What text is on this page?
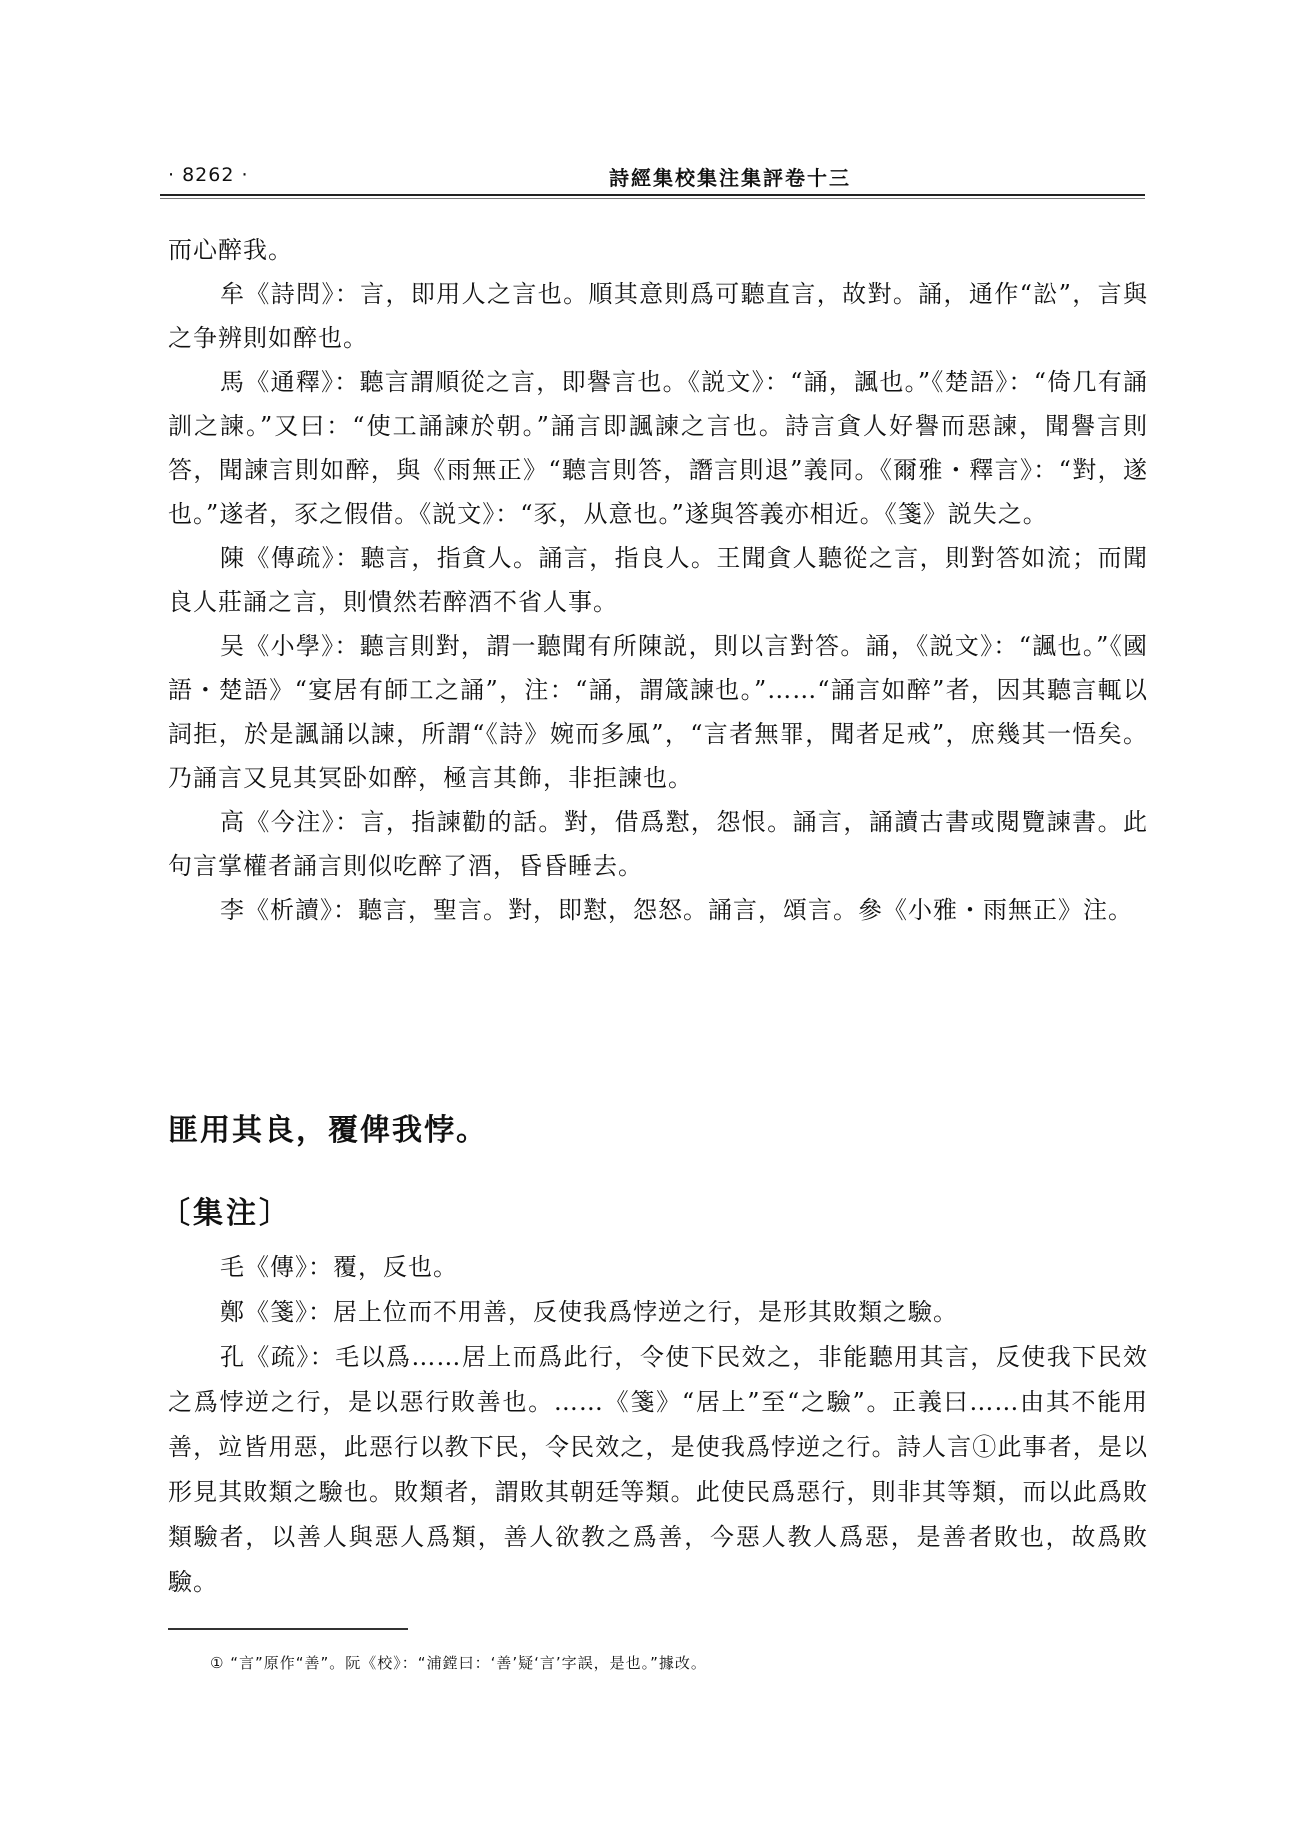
· 8262 ·	詩經集校集注集評卷十三

而心醉我。

牟《詩問》：言，即用人之言也。順其意則爲可聽直言，故對。誦，通作“訟”，言與之争辨則如醉也。

馬《通釋》：聽言謂順從之言，即譽言也。《説文》：“誦，諷也。”《楚語》：“倚几有誦訓之諫。”又曰：“使工誦諫於朝。”誦言即諷諫之言也。詩言貪人好譽而惡諫，聞譽言則答，聞諫言則如醉，與《雨無正》“聽言則答，譖言則退”義同。《爾雅・釋言》：“對，遂也。”遂者，豕之假借。《説文》：“豕，从意也。”遂與答義亦相近。《箋》説失之。

陳《傳疏》：聽言，指貪人。誦言，指良人。王聞貪人聽從之言，則對答如流；而聞良人莊誦之言，則憒然若醉酒不省人事。

吴《小學》：聽言則對，謂一聽聞有所陳説，則以言對答。誦，《説文》：“諷也。”《國語・楚語》“宴居有師工之誦”，注：“誦，謂箴諫也。”……“誦言如醉”者，因其聽言輒以詞拒，於是諷誦以諫，所謂“《詩》婉而多風”，“言者無罪，聞者足戒”，庶幾其一悟矣。乃誦言又見其冥卧如醉，極言其飾，非拒諫也。

高《今注》：言，指諫勸的話。對，借爲懟，怨恨。誦言，誦讀古書或閱覽諫書。此句言掌權者誦言則似吃醉了酒，昏昏睡去。

李《析讀》：聽言，聖言。對，即懟，怨怒。誦言，頌言。參《小雅・雨無正》注。

匪用其良，覆俾我悖。
〔集注〕

毛《傳》：覆，反也。

鄭《箋》：居上位而不用善，反使我爲悖逆之行，是形其敗類之驗。

孔《疏》：毛以爲……居上而爲此行，令使下民效之，非能聽用其言，反使我下民效之爲悖逆之行，是以惡行敗善也。……《箋》“居上”至“之驗”。正義曰……由其不能用善，竝皆用惡，此惡行以教下民，令民效之，是使我爲悖逆之行。詩人言①此事者，是以形見其敗類之驗也。敗類者，謂敗其朝廷等類。此使民爲惡行，則非其等類，而以此爲敗類驗者，以善人與惡人爲類，善人欲教之爲善，今惡人教人爲惡，是善者敗也，故爲敗驗。

① “言”原作“善”。阮《校》：“浦鏜曰：‘善’疑‘言’字誤，是也。”據改。
